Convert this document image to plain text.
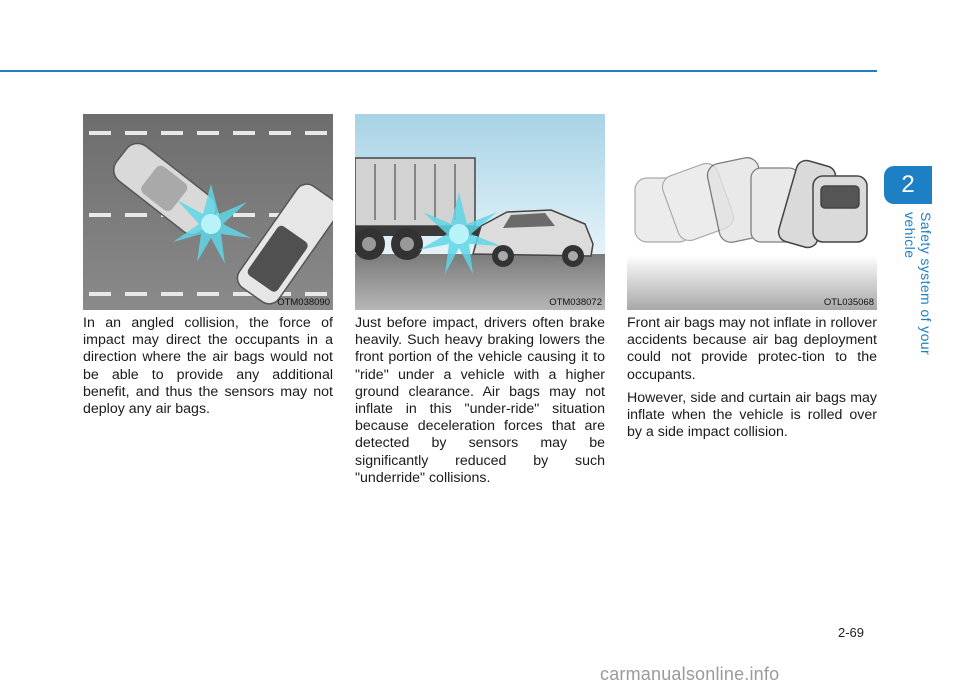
2
Safety system of your vehicle
OTM038090	OTM038072	OTL035068

In an angled collision, the force of impact may direct the occupants in a direction where the air bags would not be able to provide any additional benefit, and thus the sensors may not deploy any air bags.

Just before impact, drivers often brake heavily. Such heavy braking lowers the front portion of the vehicle causing it to "ride" under a vehicle with a higher ground clearance. Air bags may not inflate in this "under-ride" situation because deceleration forces that are detected by sensors may be significantly reduced by such "underride" collisions.

Front air bags may not inflate in rollover accidents because air bag deployment could not provide protec-tion to the occupants.

However, side and curtain air bags may inflate when the vehicle is rolled over by a side impact collision.

2-69
carmanualsonline.info
